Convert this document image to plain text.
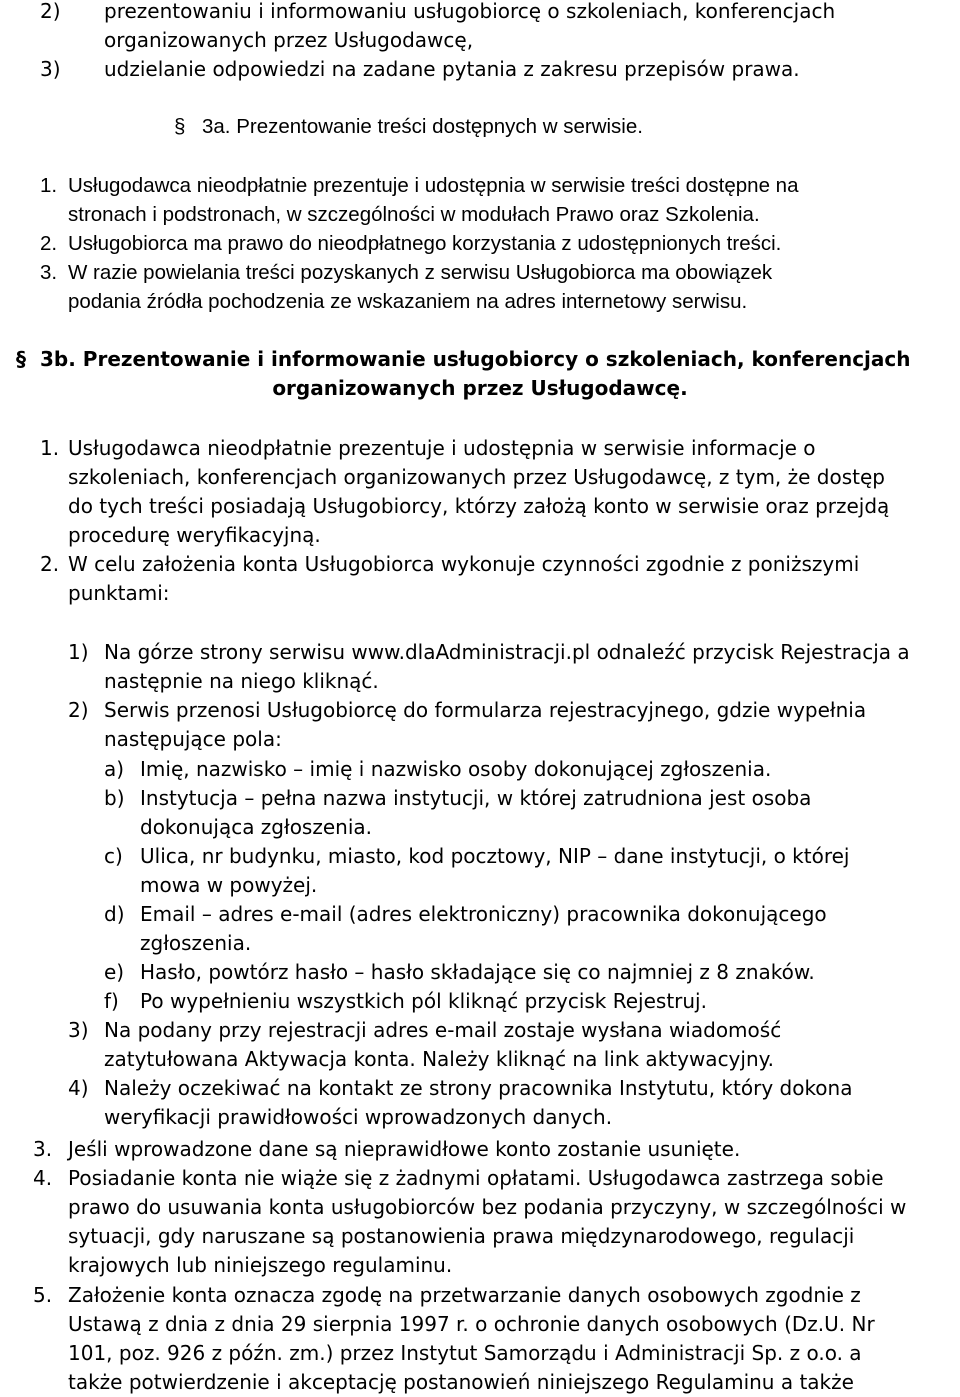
2) prezentowaniu i informowaniu usługobiorcę o szkoleniach, konferencjach
organizowanych przez Usługodawcę,
3) udzielanie odpowiedzi na zadane pytania z zakresu przepisów prawa.
§ 3a. Prezentowanie treści dostępnych w serwisie.
1. Usługodawca nieodpłatnie prezentuje i udostępnia w serwisie treści dostępne na
stronach i podstronach, w szczególności w modułach Prawo oraz Szkolenia.
2. Usługobiorca ma prawo do nieodpłatnego korzystania z udostępnionych treści.
3. W razie powielania treści pozyskanych z serwisu Usługobiorca ma obowiązek
podania źródła pochodzenia ze wskazaniem na adres internetowy serwisu.
§ 3b. Prezentowanie i informowanie usługobiorcy o szkoleniach, konferencjach
organizowanych przez Usługodawcę.
1. Usługodawca nieodpłatnie prezentuje i udostępnia w serwisie informacje o
szkoleniach, konferencjach organizowanych przez Usługodawcę, z tym, że dostęp
do tych treści posiadają Usługobiorcy, którzy założą konto w serwisie oraz przejdą
procedurę weryfikacyjną.
2. W celu założenia konta Usługobiorca wykonuje czynności zgodnie z poniższymi
punktami:
1) Na górze strony serwisu www.dlaAdministracji.pl odnaleźć przycisk Rejestracja a
następnie na niego kliknąć.
2) Serwis przenosi Usługobiorcę do formularza rejestracyjnego, gdzie wypełnia
następujące pola:
a) Imię, nazwisko – imię i nazwisko osoby dokonującej zgłoszenia.
b) Instytucja – pełna nazwa instytucji, w której zatrudniona jest osoba
dokonująca zgłoszenia.
c) Ulica, nr budynku, miasto, kod pocztowy, NIP – dane instytucji, o której
mowa w powyżej.
d) Email – adres e-mail (adres elektroniczny) pracownika dokonującego
zgłoszenia.
e) Hasło, powtórz hasło – hasło składające się co najmniej z 8 znaków.
f) Po wypełnieniu wszystkich pól kliknąć przycisk Rejestruj.
3) Na podany przy rejestracji adres e-mail zostaje wysłana wiadomość
zatytułowana Aktywacja konta. Należy kliknąć na link aktywacyjny.
4) Należy oczekiwać na kontakt ze strony pracownika Instytutu, który dokona
weryfikacji prawidłowości wprowadzonych danych.
3. Jeśli wprowadzone dane są nieprawidłowe konto zostanie usunięte.
4. Posiadanie konta nie wiąże się z żadnymi opłatami. Usługodawca zastrzega sobie
prawo do usuwania konta usługobiorców bez podania przyczyny, w szczególności w
sytuacji, gdy naruszane są postanowienia prawa międzynarodowego, regulacji
krajowych lub niniejszego regulaminu.
5. Założenie konta oznacza zgodę na przetwarzanie danych osobowych zgodnie z
Ustawą z dnia z dnia 29 sierpnia 1997 r. o ochronie danych osobowych (Dz.U. Nr
101, poz. 926 z późn. zm.) przez Instytut Samorządu i Administracji Sp. z o.o. a
także potwierdzenie i akceptację postanowień niniejszego Regulaminu a także
